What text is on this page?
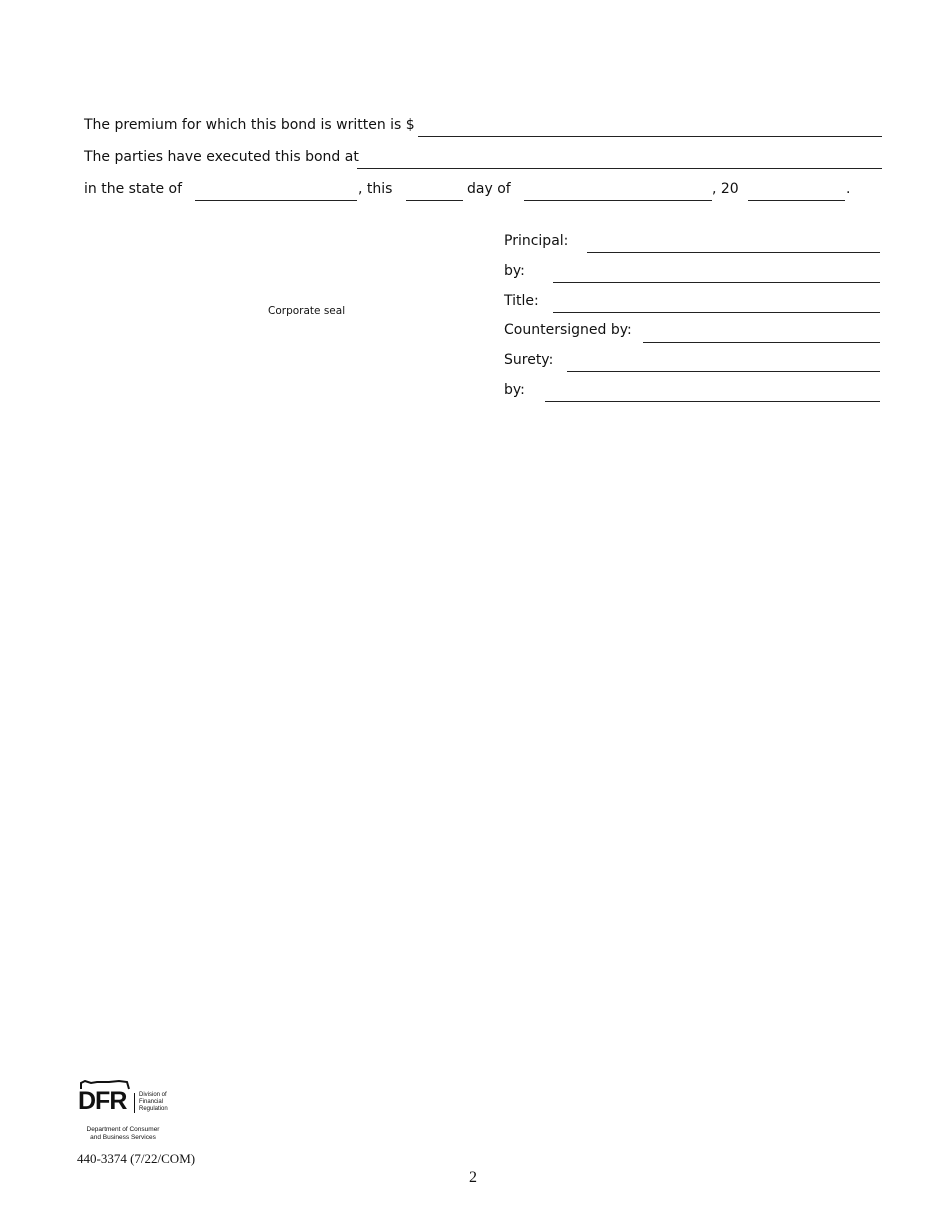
The premium for which this bond is written is $
The parties have executed this bond at
in the state of	, this	day of	, 20	.
Corporate seal
Principal:
by:
Title:
Countersigned by:
Surety:
by:
DFR Division of
Financial
Regulation
Department of Consumer
and Business Services
440-3374 (7/22/COM)
2
